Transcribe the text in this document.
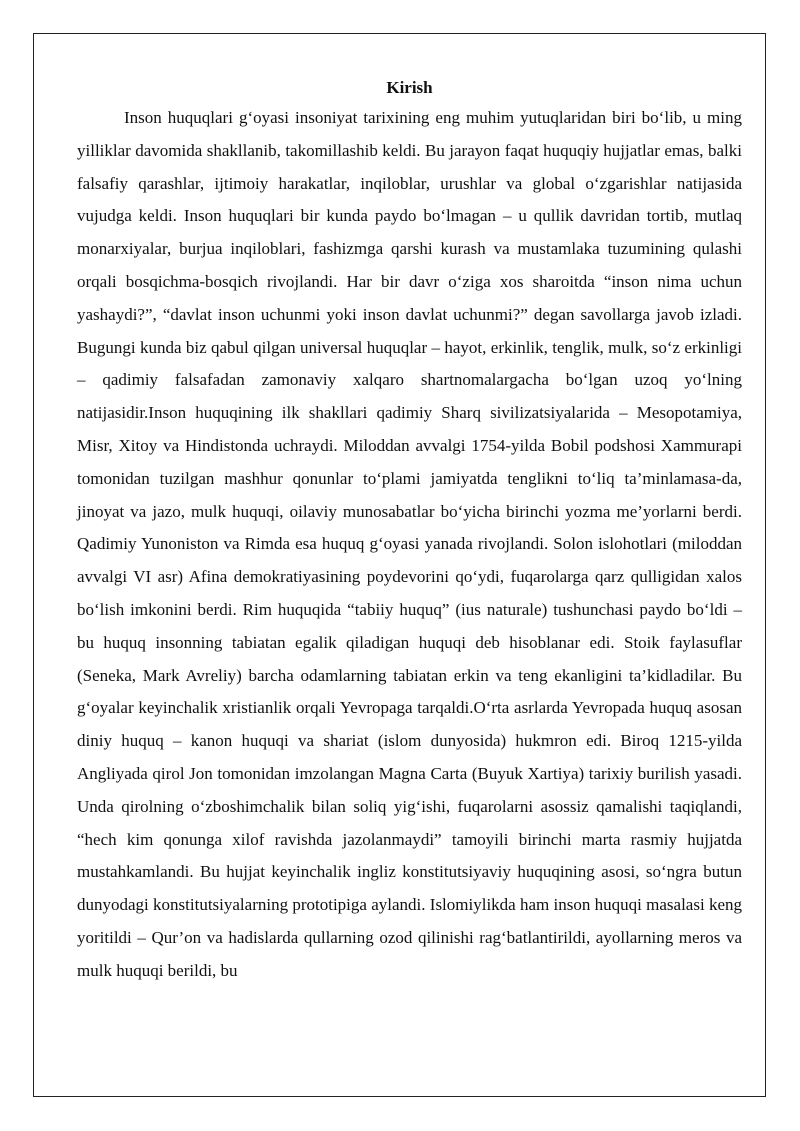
Kirish

Inson huquqlari g‘oyasi insoniyat tarixining eng muhim yutuqlaridan biri bo‘lib, u ming yilliklar davomida shakllanib, takomillashib keldi. Bu jarayon faqat huquqiy hujjatlar emas, balki falsafiy qarashlar, ijtimoiy harakatlar, inqiloblar, urushlar va global o‘zgarishlar natijasida vujudga keldi. Inson huquqlari bir kunda paydo bo‘lmagan – u qullik davridan tortib, mutlaq monarxiyalar, burjua inqiloblari, fashizmga qarshi kurash va mustamlaka tuzumining qulashi orqali bosqichma-bosqich rivojlandi. Har bir davr o‘ziga xos sharoitda “inson nima uchun yashaydi?”, “davlat inson uchunmi yoki inson davlat uchunmi?” degan savollarga javob izladi. Bugungi kunda biz qabul qilgan universal huquqlar – hayot, erkinlik, tenglik, mulk, so‘z erkinligi – qadimiy falsafadan zamonaviy xalqaro shartnomalargacha bo‘lgan uzoq yo‘lning natijasidir.Inson huquqining ilk shakllari qadimiy Sharq sivilizatsiyalarida – Mesopotamiya, Misr, Xitoy va Hindistonda uchraydi. Miloddan avvalgi 1754-yilda Bobil podshosi Xammurapi tomonidan tuzilgan mashhur qonunlar to‘plami jamiyatda tenglikni to‘liq ta’minlamasa-da, jinoyat va jazo, mulk huquqi, oilaviy munosabatlar bo‘yicha birinchi yozma me’yorlarni berdi. Qadimiy Yunoniston va Rimda esa huquq g‘oyasi yanada rivojlandi. Solon islohotlari (miloddan avvalgi VI asr) Afina demokratiyasining poydevorini qo‘ydi, fuqarolarga qarz qulligidan xalos bo‘lish imkonini berdi. Rim huquqida “tabiiy huquq” (ius naturale) tushunchasi paydo bo‘ldi – bu huquq insonning tabiatan egalik qiladigan huquqi deb hisoblanar edi. Stoik faylasuflar (Seneka, Mark Avreliy) barcha odamlarning tabiatan erkin va teng ekanligini ta’kidladilar. Bu g‘oyalar keyinchalik xristianlik orqali Yevropaga tarqaldi.O‘rta asrlarda Yevropada huquq asosan diniy huquq – kanon huquqi va shariat (islom dunyosida) hukmron edi. Biroq 1215-yilda Angliyada qirol Jon tomonidan imzolangan Magna Carta (Buyuk Xartiya) tarixiy burilish yasadi. Unda qirolning o‘zboshimchalik bilan soliq yig‘ishi, fuqarolarni asossiz qamalishi taqiqlandi, “hech kim qonunga xilof ravishda jazolanmaydi” tamoyili birinchi marta rasmiy hujjatda mustahkamlandi. Bu hujjat keyinchalik ingliz konstitutsiyaviy huquqining asosi, so‘ngra butun dunyodagi konstitutsiyalarning prototipiga aylandi. Islomiylikda ham inson huquqi masalasi keng yoritildi – Qur’on va hadislarda qullarning ozod qilinishi rag‘batlantirildi, ayollarning meros va mulk huquqi berildi, bu
